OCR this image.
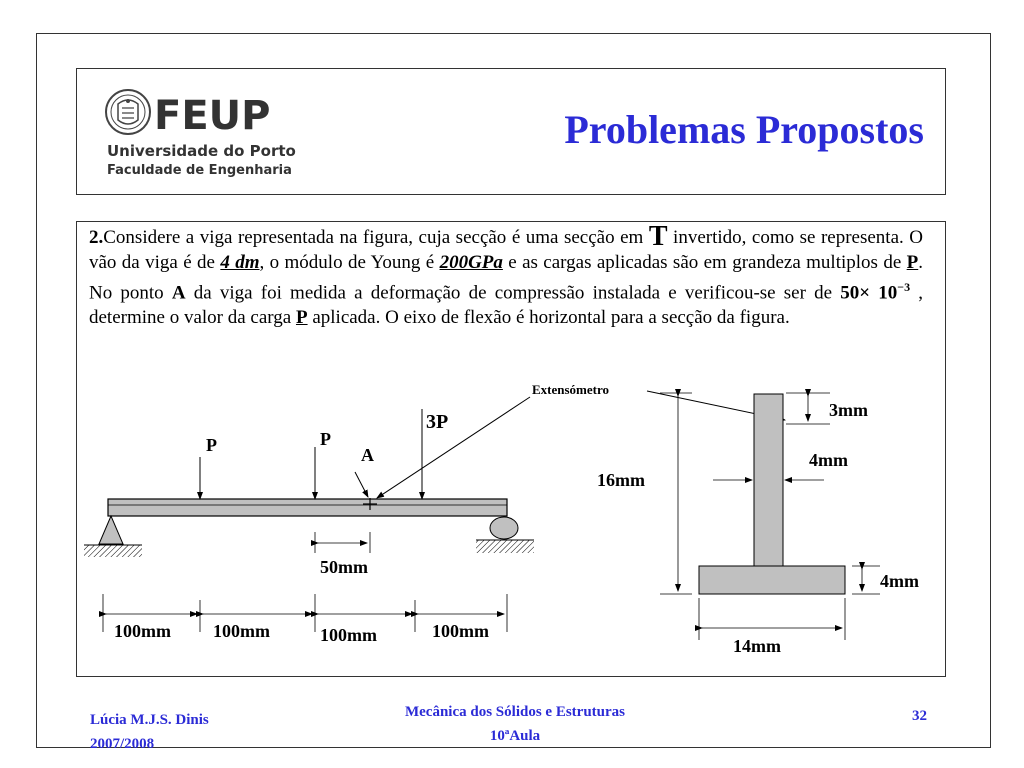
FEUP
Universidade do Porto
Faculdade de Engenharia
Problemas Propostos
2.Considere a viga representada na figura, cuja secção é uma secção em T invertido, como se representa. O vão da viga é de 4 dm, o módulo de Young é 200GPa e as cargas aplicadas são em grandeza multiplos de P. No ponto A da viga foi medida a deformação de compressão instalada e verificou-se ser de $50\times 10^{-3}$ , determine o valor da carga P aplicada. O eixo de flexão é horizontal para a secção da figura.
P	P
3P
A
Extensómetro
50mm
100mm 100mm	100mm	100mm
3mm
4mm
16mm
4mm
14mm
Lúcia M.J.S. Dinis
2007/2008
Mecânica dos Sólidos e Estruturas
10ªAula
32
